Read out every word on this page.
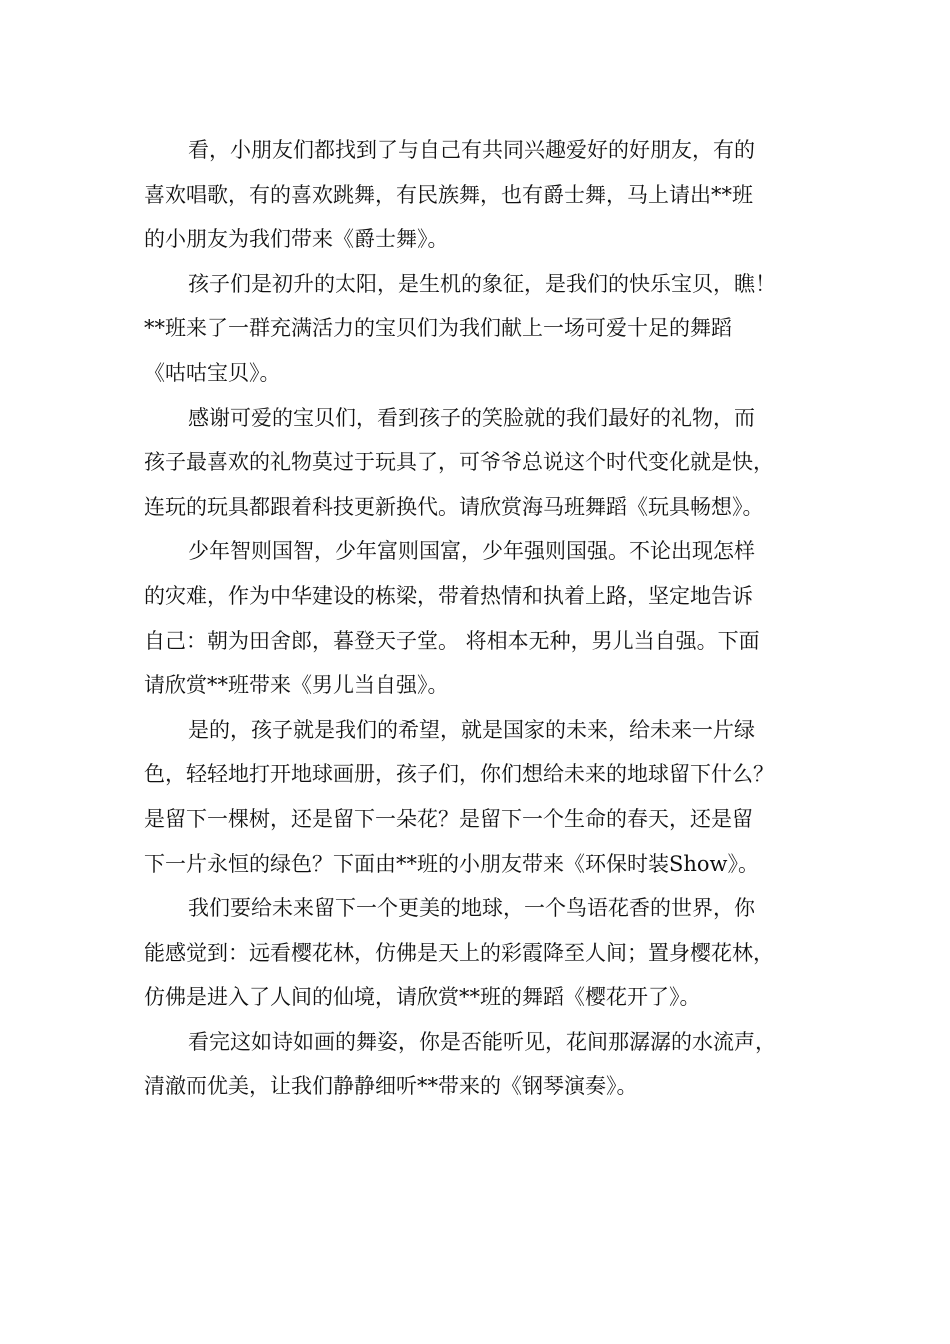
看，小朋友们都找到了与自己有共同兴趣爱好的好朋友，有的
喜欢唱歌，有的喜欢跳舞，有民族舞，也有爵士舞，马上请出**班
的小朋友为我们带来《爵士舞》。

孩子们是初升的太阳，是生机的象征，是我们的快乐宝贝，瞧！
**班来了一群充满活力的宝贝们为我们献上一场可爱十足的舞蹈
《咕咕宝贝》。

感谢可爱的宝贝们，看到孩子的笑脸就的我们最好的礼物，而
孩子最喜欢的礼物莫过于玩具了，可爷爷总说这个时代变化就是快，
连玩的玩具都跟着科技更新换代。请欣赏海马班舞蹈《玩具畅想》。

少年智则国智，少年富则国富，少年强则国强。不论出现怎样
的灾难，作为中华建设的栋梁，带着热情和执着上路，坚定地告诉
自己：朝为田舍郎，暮登天子堂。 将相本无种，男儿当自强。下面
请欣赏**班带来《男儿当自强》。

是的，孩子就是我们的希望，就是国家的未来，给未来一片绿
色，轻轻地打开地球画册，孩子们，你们想给未来的地球留下什么？
是留下一棵树，还是留下一朵花？是留下一个生命的春天，还是留
下一片永恒的绿色？下面由**班的小朋友带来《环保时装Show》。

我们要给未来留下一个更美的地球，一个鸟语花香的世界，你
能感觉到：远看樱花林，仿佛是天上的彩霞降至人间；置身樱花林，
仿佛是进入了人间的仙境，请欣赏**班的舞蹈《樱花开了》。

看完这如诗如画的舞姿，你是否能听见，花间那潺潺的水流声，
清澈而优美，让我们静静细听**带来的《钢琴演奏》。
